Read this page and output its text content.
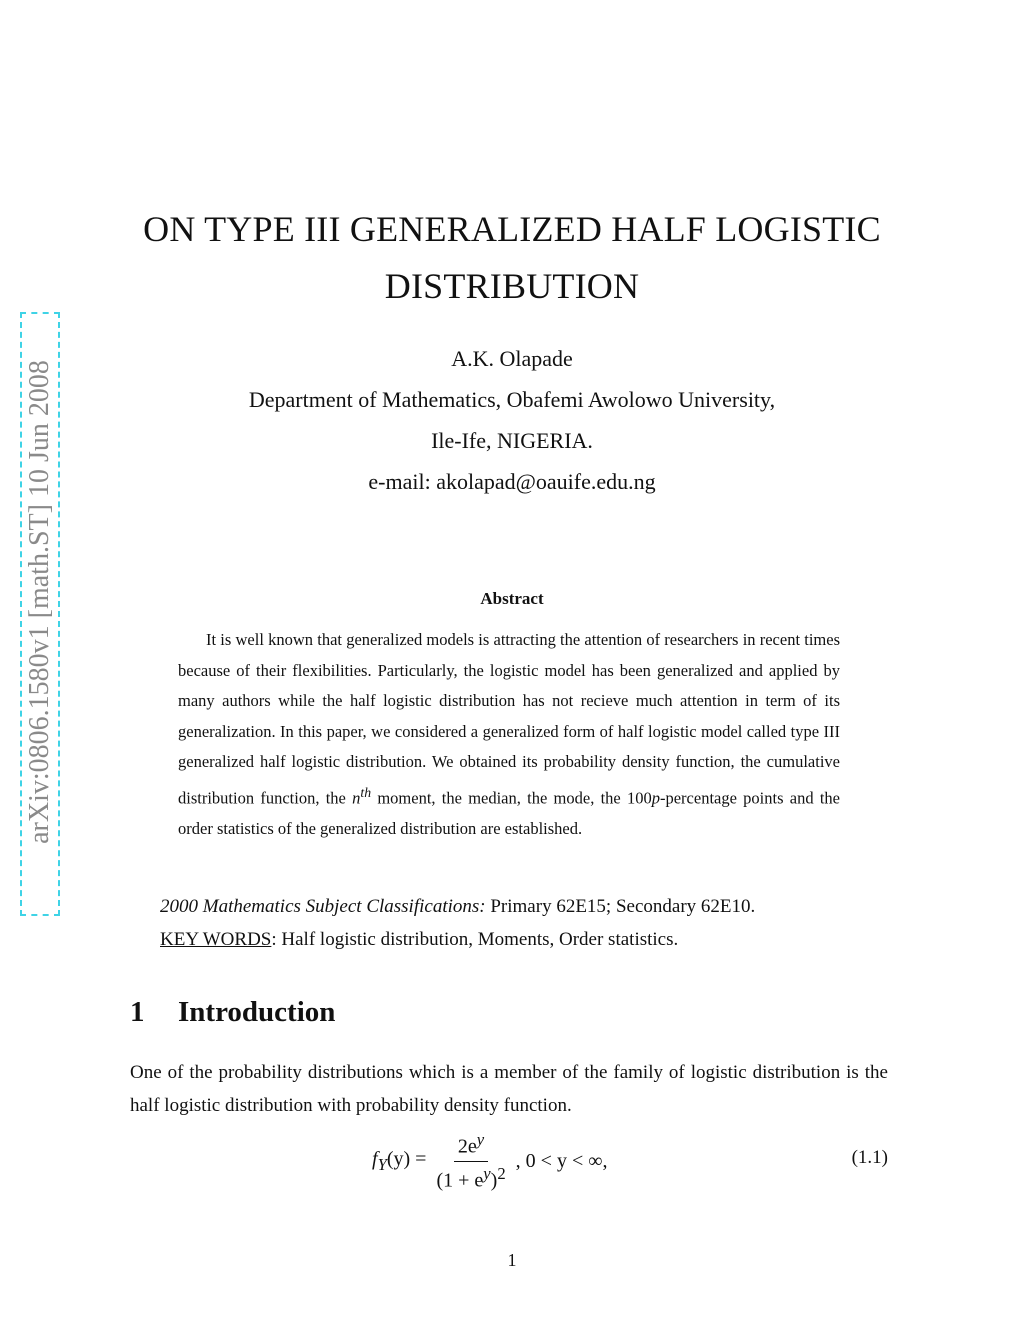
arXiv:0806.1580v1 [math.ST] 10 Jun 2008
ON TYPE III GENERALIZED HALF LOGISTIC
DISTRIBUTION
A.K. Olapade
Department of Mathematics, Obafemi Awolowo University,
Ile-Ife, NIGERIA.
e-mail: akolapad@oauife.edu.ng
Abstract
It is well known that generalized models is attracting the attention of researchers in recent times because of their flexibilities. Particularly, the logistic model has been generalized and applied by many authors while the half logistic distribution has not recieve much attention in term of its generalization. In this paper, we considered a generalized form of half logistic model called type III generalized half logistic distribution. We obtained its probability density function, the cumulative distribution function, the $n^{th}$ moment, the median, the mode, the 100p-percentage points and the order statistics of the generalized distribution are established.
2000 Mathematics Subject Classifications: Primary 62E15; Secondary 62E10.
KEY WORDS: Half logistic distribution, Moments, Order statistics.
1 Introduction
One of the probability distributions which is a member of the family of logistic distribution is the half logistic distribution with probability density function.
$f_Y(y) = \frac{2e^y}{(1 + e^y)^2}$ , 0 < y < ∞,	(1.1)
1
